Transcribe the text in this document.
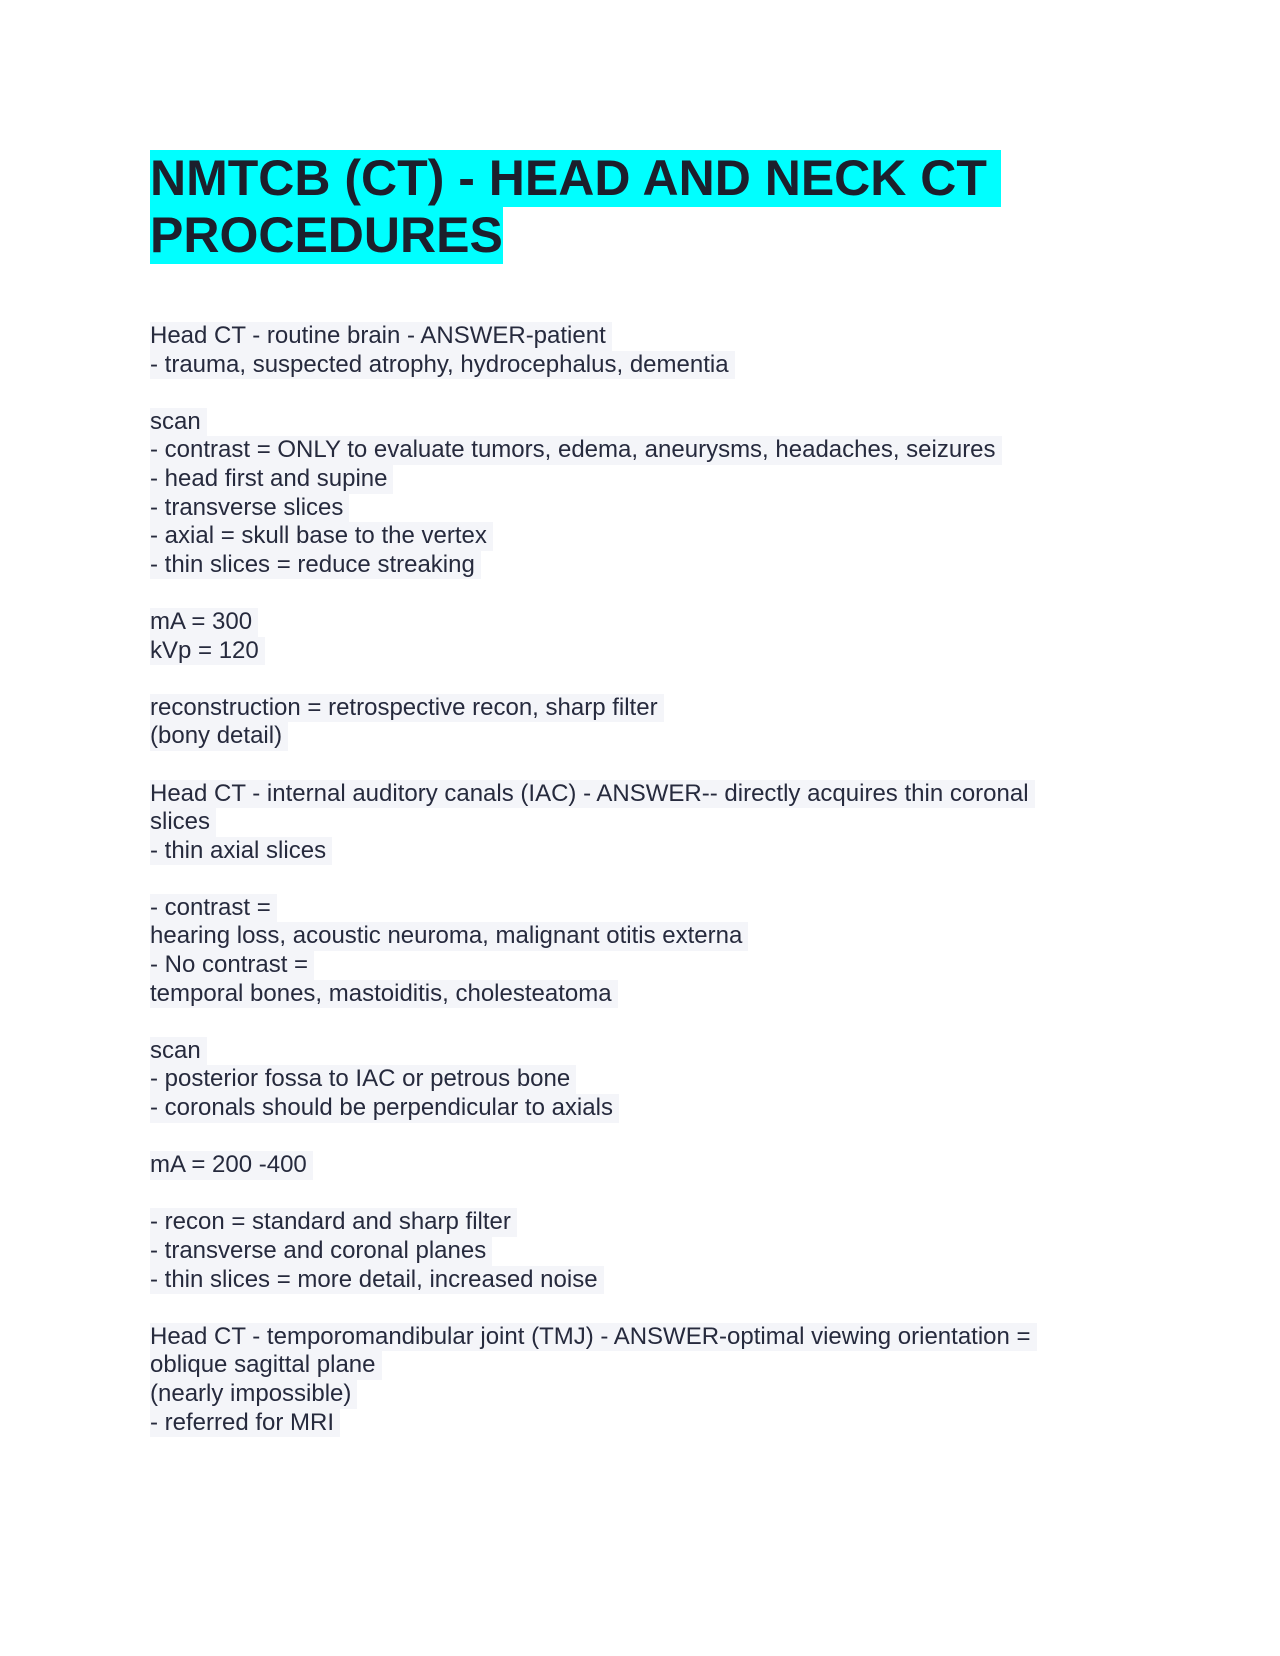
NMTCB (CT) - HEAD AND NECK CT
PROCEDURES
Head CT - routine brain - ANSWER-patient
- trauma, suspected atrophy, hydrocephalus, dementia
scan
- contrast = ONLY to evaluate tumors, edema, aneurysms, headaches, seizures
- head first and supine
- transverse slices
- axial = skull base to the vertex
- thin slices = reduce streaking
mA = 300
kVp = 120
reconstruction = retrospective recon, sharp filter
(bony detail)
Head CT - internal auditory canals (IAC) - ANSWER-- directly acquires thin coronal
slices
- thin axial slices
- contrast =
hearing loss, acoustic neuroma, malignant otitis externa
- No contrast =
temporal bones, mastoiditis, cholesteatoma
scan
- posterior fossa to IAC or petrous bone
- coronals should be perpendicular to axials
mA = 200 -400
- recon = standard and sharp filter
- transverse and coronal planes
- thin slices = more detail, increased noise
Head CT - temporomandibular joint (TMJ) - ANSWER-optimal viewing orientation =
oblique sagittal plane
(nearly impossible)
- referred for MRI
